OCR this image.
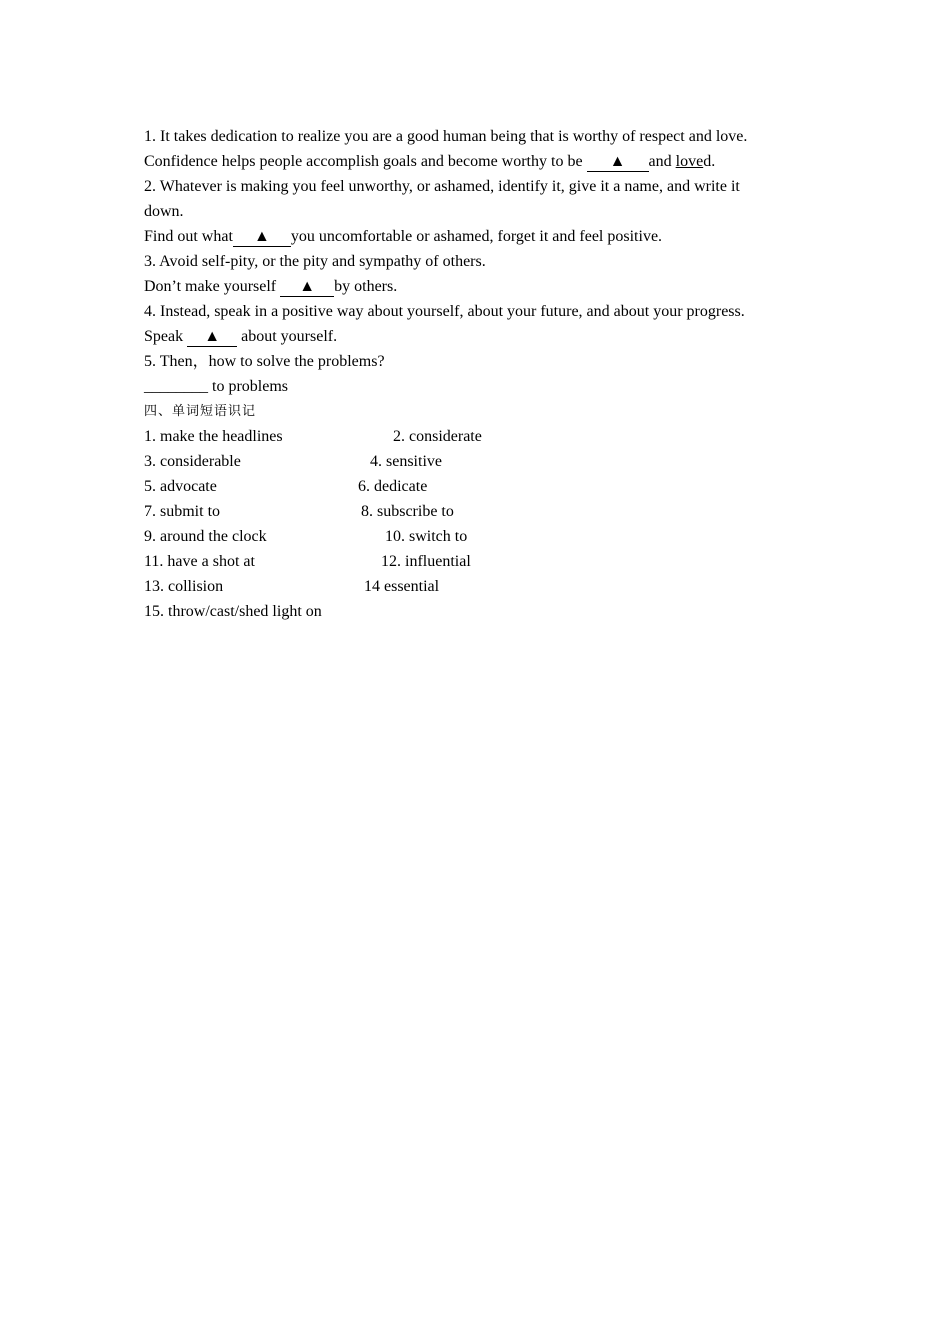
1. It takes dedication to realize you are a good human being that is worthy of respect and love.
Confidence helps people accomplish goals and become worthy to be ▲ and loved.
2. Whatever is making you feel unworthy, or ashamed, identify it, give it a name, and write it
down.
Find out what ▲ you uncomfortable or ashamed, forget it and feel positive.
3. Avoid self-pity, or the pity and sympathy of others.
Don’t make yourself ▲ by others.
4. Instead, speak in a positive way about yourself, about your future, and about your progress.
Speak ▲ about yourself.
5. Then，how to solve the problems?
________ to problems
四、单词短语识记
1. make the headlines	2. considerate
3. considerable	4. sensitive
5. advocate	6. dedicate
7. submit to	8. subscribe to
9. around the clock	10. switch to
11. have a shot at	12. influential
13. collision	14 essential
15. throw/cast/shed light on
